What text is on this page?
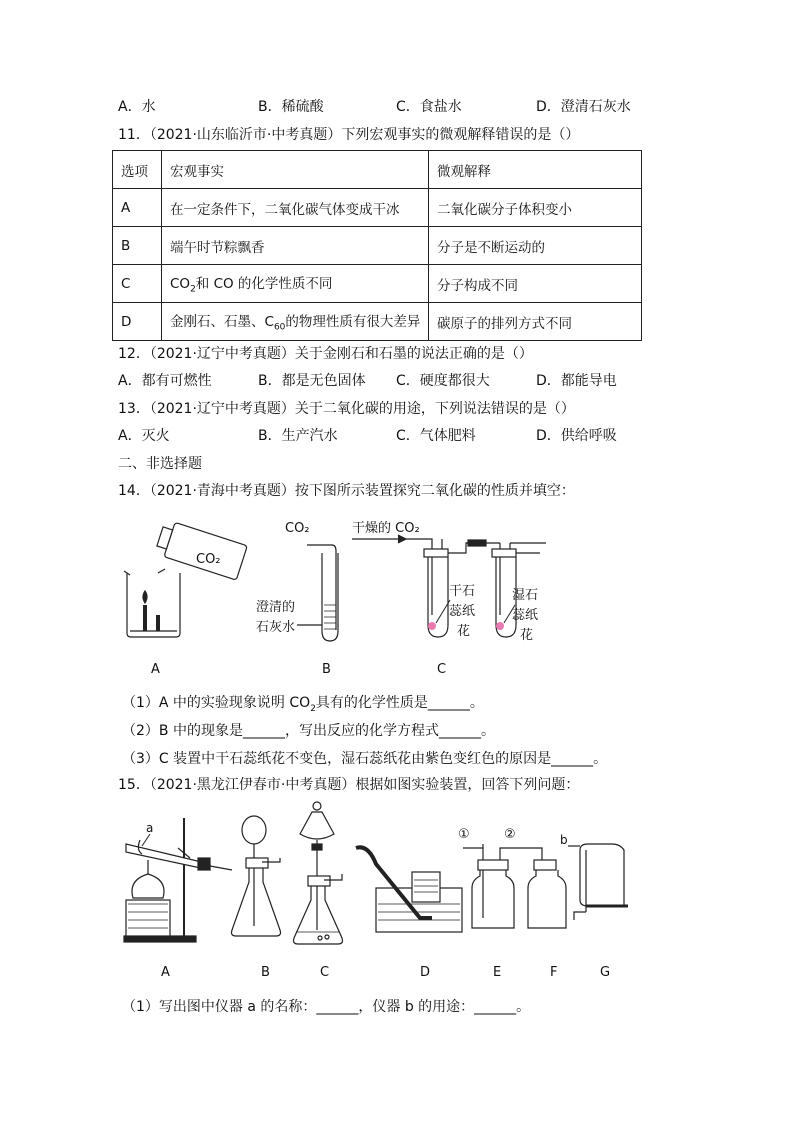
A．水	B．稀硫酸	C．食盐水	D．澄清石灰水
11．（2021·山东临沂市·中考真题）下列宏观事实的微观解释错误的是（）
选项	宏观事实	微观解释
A	在一定条件下，二氧化碳气体变成干冰	二氧化碳分子体积变小
B	端午时节粽飘香	分子是不断运动的
C	$CO_2$和 CO 的化学性质不同	分子构成不同
D	金刚石、石墨、$C_{60}$的物理性质有很大差异	碳原子的排列方式不同
12．（2021·辽宁中考真题）关于金刚石和石墨的说法正确的是（）
A．都有可燃性	B．都是无色固体 C．硬度都很大	D．都能导电
13．（2021·辽宁中考真题）关于二氧化碳的用途，下列说法错误的是（）
A．灭火	B．生产汽水	C．气体肥料	D．供给呼吸
二、非选择题
14．（2021·青海中考真题）按下图所示装置探究二氧化碳的性质并填空：
CO₂
CO₂
澄清的
石灰水
干燥的 CO₂
干石
蕊纸
花
湿石
蕊纸
花
A	B	C
（1）A 中的实验现象说明 $CO_2$具有的化学性质是______。
（2）B 中的现象是______，写出反应的化学方程式______。
（3）C 装置中干石蕊纸花不变色，湿石蕊纸花由紫色变红色的原因是______。
15．（2021·黑龙江伊春市·中考真题）根据如图实验装置，回答下列问题：
a	①	②	b
A	B	C	D	E	F	G
（1）写出图中仪器 a 的名称：______，仪器 b 的用途：______。
